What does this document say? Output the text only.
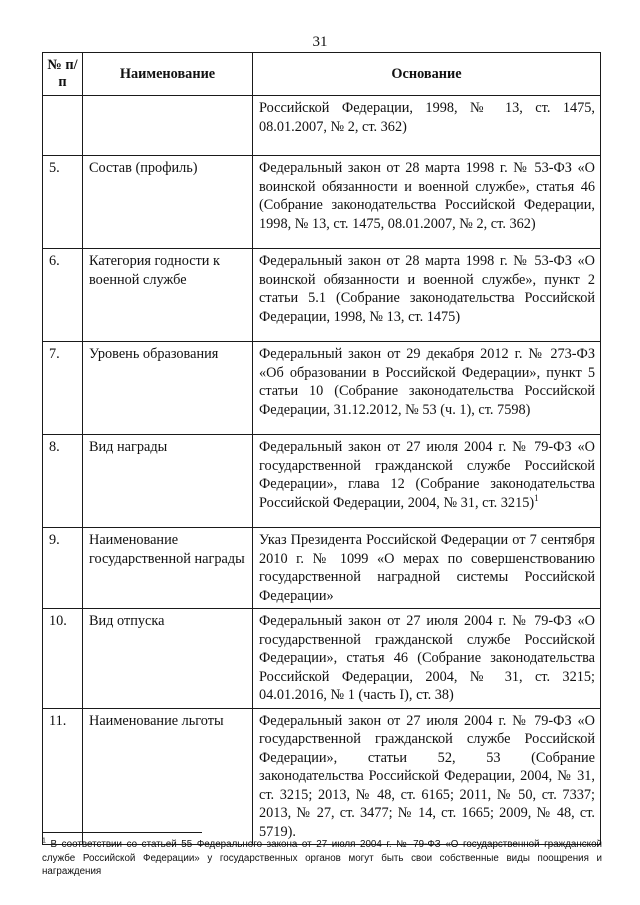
31
№ п/п	Наименование	Основание
		Российской Федерации, 1998, № 13, ст. 1475, 08.01.2007, № 2, ст. 362)
5.	Состав (профиль)	Федеральный закон от 28 марта 1998 г. № 53-ФЗ «О воинской обязанности и военной службе», статья 46 (Собрание законодательства Российской Федерации, 1998, № 13, ст. 1475, 08.01.2007, № 2, ст. 362)
6.	Категория годности к военной службе	Федеральный закон от 28 марта 1998 г. № 53-ФЗ «О воинской обязанности и военной службе», пункт 2 статьи 5.1 (Собрание законодательства Российской Федерации, 1998, № 13, ст. 1475)
7.	Уровень образования	Федеральный закон от 29 декабря 2012 г. № 273-ФЗ «Об образовании в Российской Федерации», пункт 5 статьи 10 (Собрание законодательства Российской Федерации, 31.12.2012, № 53 (ч. 1), ст. 7598)
8.	Вид награды	Федеральный закон от 27 июля 2004 г. № 79-ФЗ «О государственной гражданской службе Российской Федерации», глава 12 (Собрание законодательства Российской Федерации, 2004, № 31, ст. 3215)$^1$
9.	Наименование государственной награды	Указ Президента Российской Федерации от 7 сентября 2010 г. № 1099 «О мерах по совершенствованию государственной наградной системы Российской Федерации»
10.	Вид отпуска	Федеральный закон от 27 июля 2004 г. № 79-ФЗ «О государственной гражданской службе Российской Федерации», статья 46 (Собрание законодательства Российской Федерации, 2004, № 31, ст. 3215; 04.01.2016, № 1 (часть I), ст. 38)
11.	Наименование льготы	Федеральный закон от 27 июля 2004 г. № 79-ФЗ «О государственной гражданской службе Российской Федерации», статьи 52, 53 (Собрание законодательства Российской Федерации, 2004, № 31, ст. 3215; 2013, № 48, ст. 6165; 2011, № 50, ст. 7337; 2013, № 27, ст. 3477; № 14, ст. 1665; 2009, № 48, ст. 5719).
$^1$ В соответствии со статьей 55 Федерального закона от 27 июля 2004 г. № 79-ФЗ «О государственной гражданской службе Российской Федерации» у государственных органов могут быть свои собственные виды поощрения и награждения
